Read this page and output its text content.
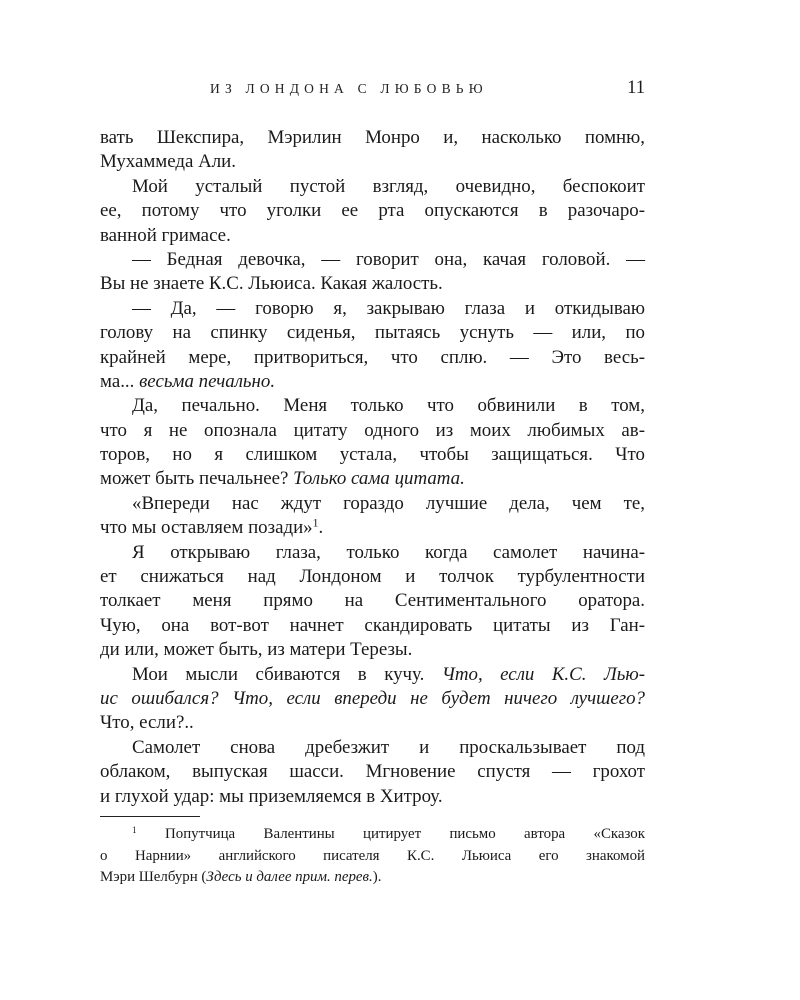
ИЗ ЛОНДОНА С ЛЮБОВЬЮ	11
вать Шекспира, Мэрилин Монро и, насколько помню,
Мухаммеда Али.
Мой усталый пустой взгляд, очевидно, беспокоит
ее, потому что уголки ее рта опускаются в разочаро-
ванной гримасе.
— Бедная девочка, — говорит она, качая головой. —
Вы не знаете К.С. Льюиса. Какая жалость.
— Да, — говорю я, закрываю глаза и откидываю
голову на спинку сиденья, пытаясь уснуть — или, по
крайней мере, притвориться, что сплю. — Это весь-
ма... весьма печально.
Да, печально. Меня только что обвинили в том,
что я не опознала цитату одного из моих любимых ав-
торов, но я слишком устала, чтобы защищаться. Что
может быть печальнее? Только сама цитата.
«Впереди нас ждут гораздо лучшие дела, чем те,
что мы оставляем позади»$^1$.
Я открываю глаза, только когда самолет начина-
ет снижаться над Лондоном и толчок турбулентности
толкает меня прямо на Сентиментального оратора.
Чую, она вот-вот начнет скандировать цитаты из Ган-
ди или, может быть, из матери Терезы.
Мои мысли сбиваются в кучу. Что, если К.С. Лью-
ис ошибался? Что, если впереди не будет ничего лучшего?
Что, если?..
Самолет снова дребезжит и проскальзывает под
облаком, выпуская шасси. Мгновение спустя — грохот
и глухой удар: мы приземляемся в Хитроу.
$^1$ Попутчица Валентины цитирует письмо автора «Сказок
о Нарнии» английского писателя К.С. Льюиса его знакомой
Мэри Шелбурн (Здесь и далее прим. перев.).
